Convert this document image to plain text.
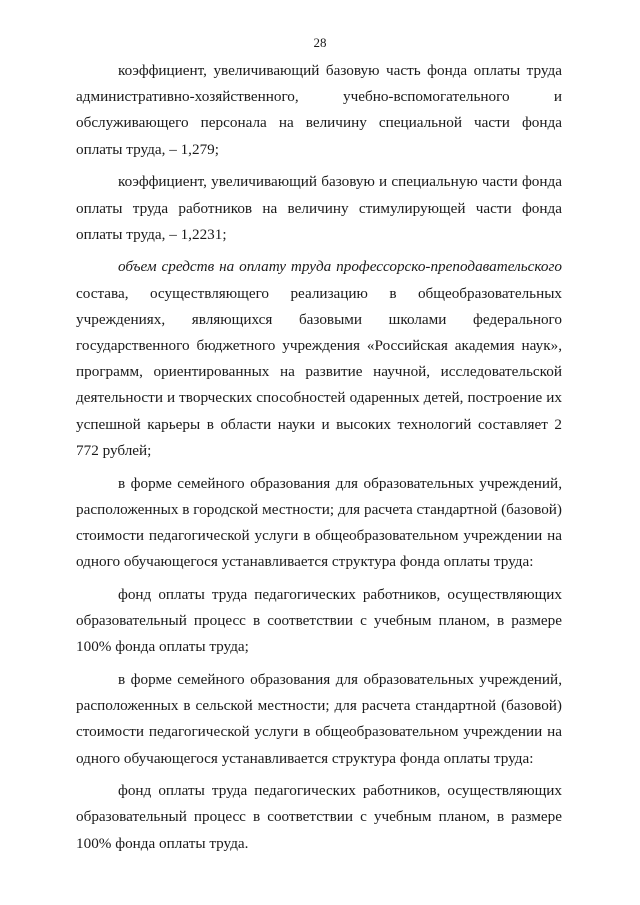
28

коэффициент, увеличивающий базовую часть фонда оплаты труда административно-хозяйственного, учебно-вспомогательного и обслуживающего персонала на величину специальной части фонда оплаты труда, – 1,279;

коэффициент, увеличивающий базовую и специальную части фонда оплаты труда работников на величину стимулирующей части фонда оплаты труда, – 1,2231;

объем средств на оплату труда профессорско-преподавательского состава, осуществляющего реализацию в общеобразовательных учреждениях, являющихся базовыми школами федерального государственного бюджетного учреждения «Российская академия наук», программ, ориентированных на развитие научной, исследовательской деятельности и творческих способностей одаренных детей, построение их успешной карьеры в области науки и высоких технологий составляет 2 772 рублей;

в форме семейного образования для образовательных учреждений, расположенных в городской местности; для расчета стандартной (базовой) стоимости педагогической услуги в общеобразовательном учреждении на одного обучающегося устанавливается структура фонда оплаты труда:

фонд оплаты труда педагогических работников, осуществляющих образовательный процесс в соответствии с учебным планом, в размере 100% фонда оплаты труда;

в форме семейного образования для образовательных учреждений, расположенных в сельской местности; для расчета стандартной (базовой) стоимости педагогической услуги в общеобразовательном учреждении на одного обучающегося устанавливается структура фонда оплаты труда:

фонд оплаты труда педагогических работников, осуществляющих образовательный процесс в соответствии с учебным планом, в размере 100% фонда оплаты труда.
